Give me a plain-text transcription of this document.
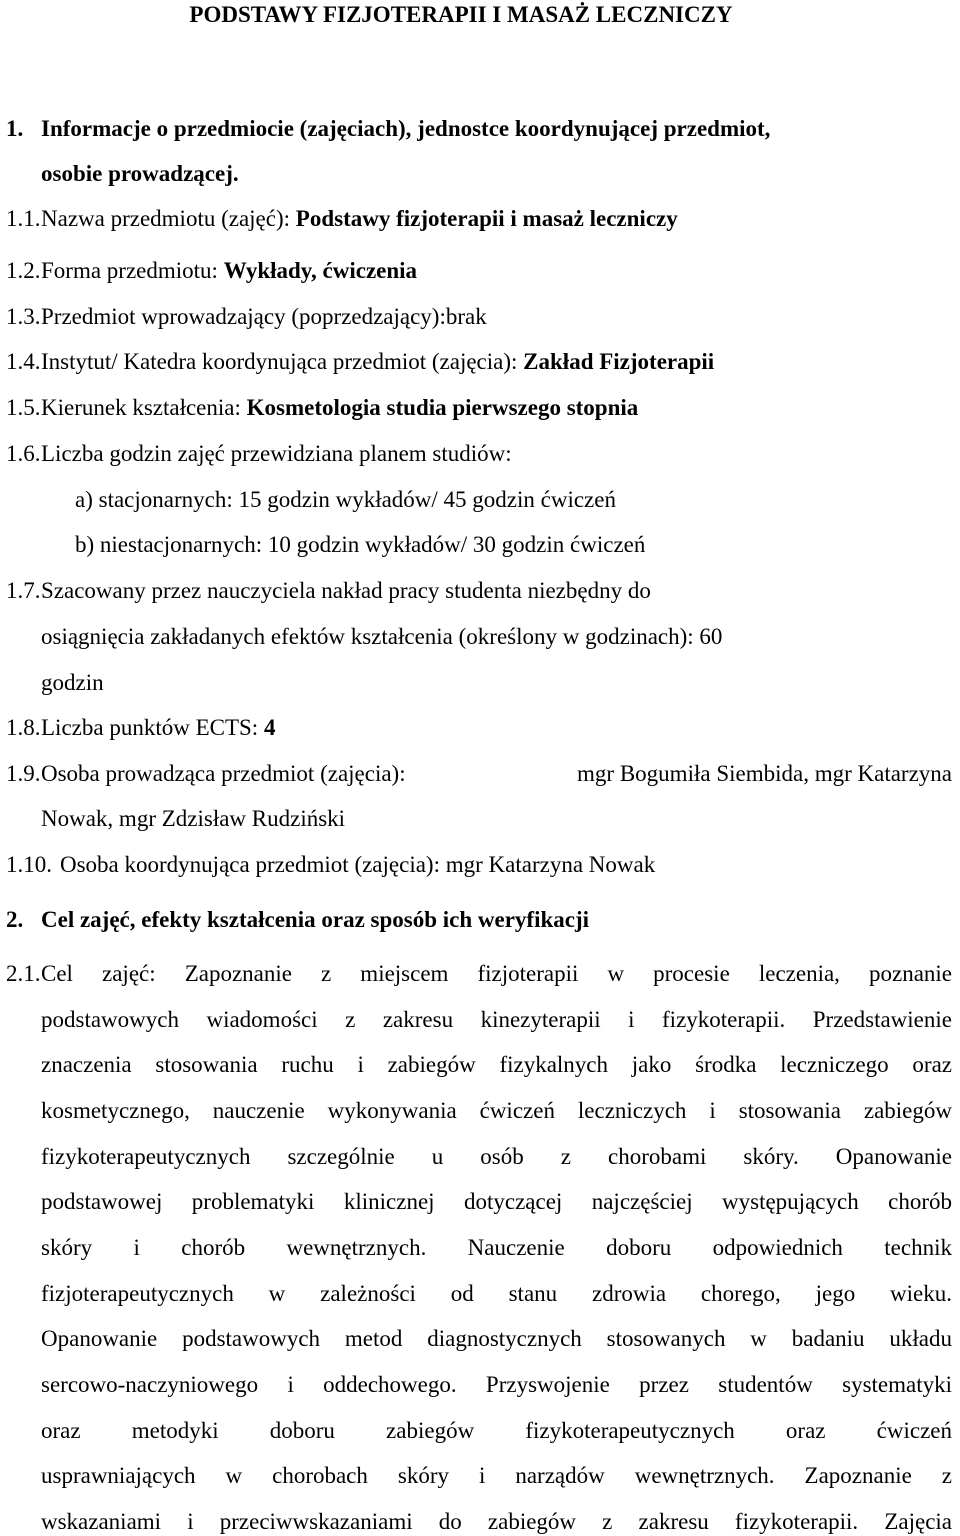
PODSTAWY FIZJOTERAPII I MASAŻ LECZNICZY
1. Informacje o przedmiocie (zajęciach), jednostce koordynującej przedmiot,
osobie prowadzącej.
1.1. Nazwa przedmiotu (zajęć): Podstawy fizjoterapii i masaż leczniczy
1.2. Forma przedmiotu: Wykłady, ćwiczenia
1.3. Przedmiot wprowadzający (poprzedzający):brak
1.4. Instytut/ Katedra koordynująca przedmiot (zajęcia): Zakład Fizjoterapii
1.5. Kierunek kształcenia: Kosmetologia studia pierwszego stopnia
1.6. Liczba godzin zajęć przewidziana planem studiów:
a) stacjonarnych: 15 godzin wykładów/ 45 godzin ćwiczeń
b) niestacjonarnych: 10 godzin wykładów/ 30 godzin ćwiczeń
1.7. Szacowany przez nauczyciela nakład pracy studenta niezbędny do
osiągnięcia zakładanych efektów kształcenia (określony w godzinach): 60
godzin
1.8. Liczba punktów ECTS: 4
1.9. Osoba prowadząca przedmiot (zajęcia):	mgr Bogumiła Siembida, mgr Katarzyna
Nowak, mgr Zdzisław Rudziński
1.10. Osoba koordynująca przedmiot (zajęcia): mgr Katarzyna Nowak
2. Cel zajęć, efekty kształcenia oraz sposób ich weryfikacji
2.1. Cel zajęć: Zapoznanie z miejscem fizjoterapii w procesie leczenia, poznanie
podstawowych wiadomości z zakresu kinezyterapii i fizykoterapii. Przedstawienie
znaczenia stosowania ruchu i zabiegów fizykalnych jako środka leczniczego oraz
kosmetycznego, nauczenie wykonywania ćwiczeń leczniczych i stosowania zabiegów
fizykoterapeutycznych szczególnie u osób z chorobami skóry. Opanowanie
podstawowej problematyki klinicznej dotyczącej najczęściej występujących chorób
skóry i chorób wewnętrznych. Nauczenie doboru odpowiednich technik
fizjoterapeutycznych w zależności od stanu zdrowia chorego, jego wieku.
Opanowanie podstawowych metod diagnostycznych stosowanych w badaniu układu
sercowo-naczyniowego i oddechowego. Przyswojenie przez studentów systematyki
oraz metodyki doboru zabiegów fizykoterapeutycznych oraz ćwiczeń
usprawniających w chorobach skóry i narządów wewnętrznych. Zapoznanie z
wskazaniami i przeciwwskazaniami do zabiegów z zakresu fizykoterapii. Zajęcia
